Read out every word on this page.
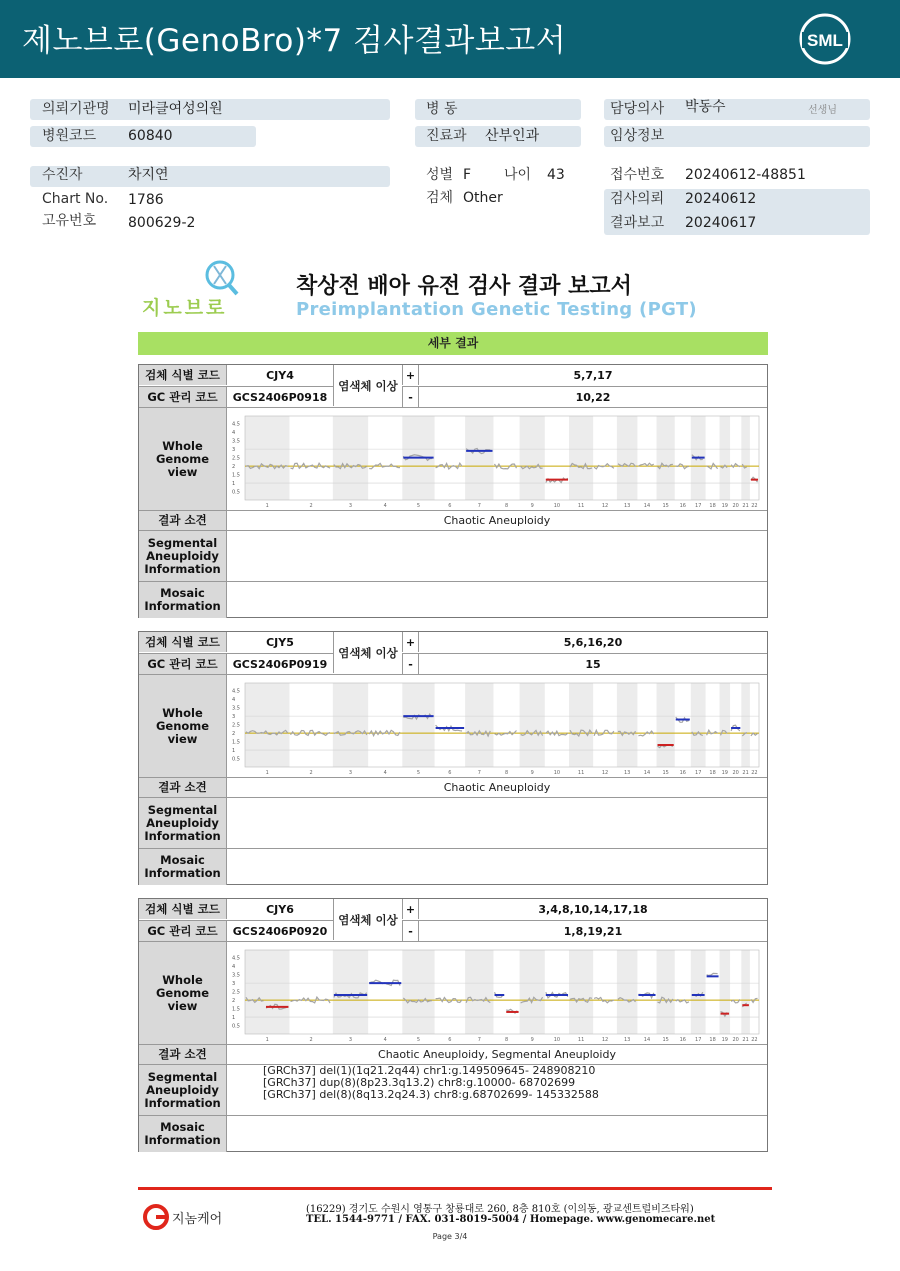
제노브로(GenoBro)*7 검사결과보고서	SML
의뢰기관명 미라클여성의원
병원코드 60840
병 동
진료과 산부인과
담당의사 박동수	선생님
임상정보
수진자	차지연
Chart No. 1786
고유번호 800629-2
성별 F 나이 43
검체 Other
접수번호 20240612-48851
검사의뢰 20240612
결과보고 20240617
지노브로
착상전 배아 유전 검사 결과 보고서
Preimplantation Genetic Testing (PGT)
세부 결과
검체 식별 코드	CJY4	+	5,7,17
GC 관리 코드	GCS2406P0918	-	10,22
염색체 이상
Whole Genome view
4.5
4
3.5
3
2.5
2
1.5
1
0.5
1	2	3	4	5	6	7	8	9	10	11	12	13	14 15 16 17 18 19 20 21 22
결과 소견	Chaotic Aneuploidy
Segmental Aneuploidy Information
Mosaic Information
검체 식별 코드	CJY5	+	5,6,16,20
GC 관리 코드	GCS2406P0919	-	15
염색체 이상
Whole Genome view
4.5
4
3.5
3
2.5
2
1.5
1
0.5
1	2	3	4	5	6	7	8	9	10	11	12	13	14 15 16 17 18 19 20 21 22
결과 소견	Chaotic Aneuploidy
Segmental Aneuploidy Information
Mosaic Information
검체 식별 코드	CJY6	+	3,4,8,10,14,17,18
GC 관리 코드	GCS2406P0920	-	1,8,19,21
염색체 이상
Whole Genome view
4.5
4
3.5
3
2.5
2
1.5
1
0.5
1	2	3	4	5	6	7	8	9	10	11	12	13	14 15 16 17 18 19 20 21 22
결과 소견	Chaotic Aneuploidy, Segmental Aneuploidy
Segmental Aneuploidy Information
[GRCh37] del(1)(1q21.2q44) chr1:g.149509645- 248908210
[GRCh37] dup(8)(8p23.3q13.2) chr8:g.10000- 68702699
[GRCh37] del(8)(8q13.2q24.3) chr8:g.68702699- 145332588
Mosaic Information
지놈케어
(16229) 경기도 수원시 영통구 창룡대로 260, 8층 810호 (이의동, 광교센트럴비즈타워)
TEL. 1544-9771 / FAX. 031-8019-5004 / Homepage. www.genomecare.net
Page 3/4
